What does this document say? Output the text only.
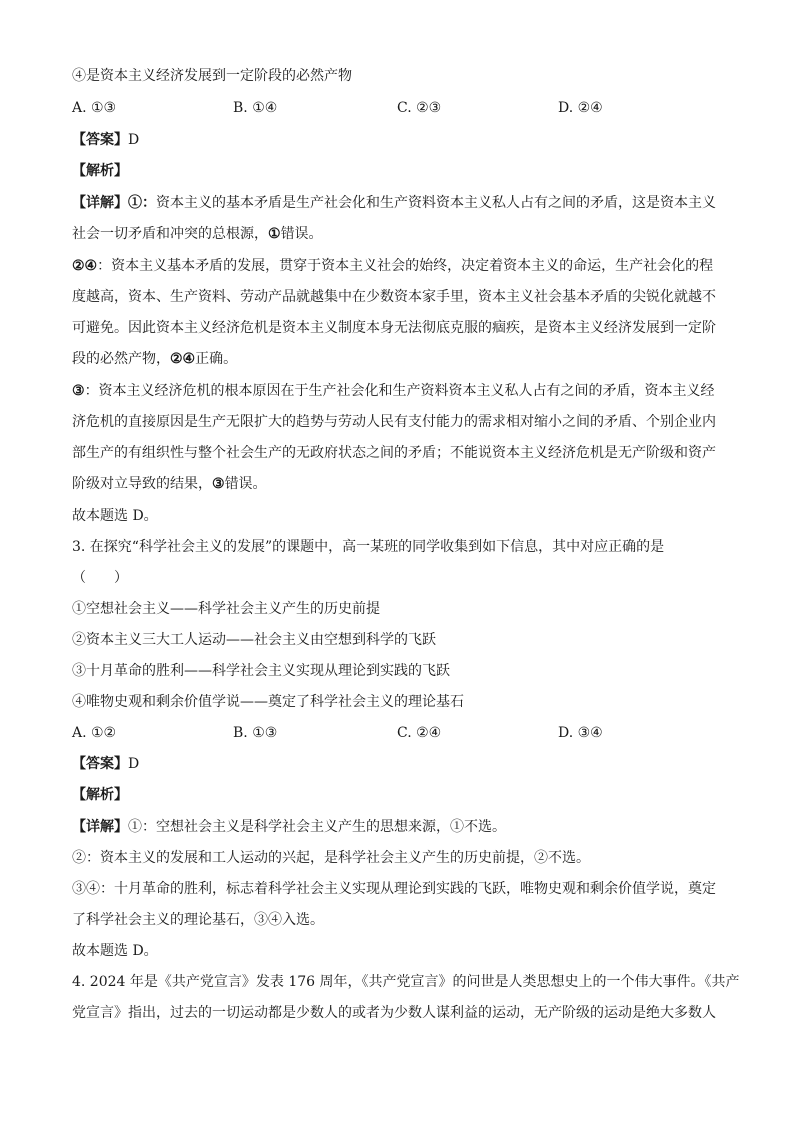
④是资本主义经济发展到一定阶段的必然产物
A. ①③	B. ①④	C. ②③	D. ②④
【答案】D
【解析】
【详解】①：资本主义的基本矛盾是生产社会化和生产资料资本主义私人占有之间的矛盾，这是资本主义
社会一切矛盾和冲突的总根源，①错误。
②④：资本主义基本矛盾的发展，贯穿于资本主义社会的始终，决定着资本主义的命运，生产社会化的程
度越高，资本、生产资料、劳动产品就越集中在少数资本家手里，资本主义社会基本矛盾的尖锐化就越不
可避免。因此资本主义经济危机是资本主义制度本身无法彻底克服的痼疾，是资本主义经济发展到一定阶
段的必然产物，②④正确。
③：资本主义经济危机的根本原因在于生产社会化和生产资料资本主义私人占有之间的矛盾，资本主义经
济危机的直接原因是生产无限扩大的趋势与劳动人民有支付能力的需求相对缩小之间的矛盾、个别企业内
部生产的有组织性与整个社会生产的无政府状态之间的矛盾；不能说资本主义经济危机是无产阶级和资产
阶级对立导致的结果，③错误。
故本题选 D。
3. 在探究“科学社会主义的发展”的课题中，高一某班的同学收集到如下信息，其中对应正确的是
（　　）
①空想社会主义——科学社会主义产生的历史前提
②资本主义三大工人运动——社会主义由空想到科学的飞跃
③十月革命的胜利——科学社会主义实现从理论到实践的飞跃
④唯物史观和剩余价值学说——奠定了科学社会主义的理论基石
A. ①②	B. ①③	C. ②④	D. ③④
【答案】D
【解析】
【详解】①：空想社会主义是科学社会主义产生的思想来源，①不选。
②：资本主义的发展和工人运动的兴起，是科学社会主义产生的历史前提，②不选。
③④：十月革命的胜利，标志着科学社会主义实现从理论到实践的飞跃，唯物史观和剩余价值学说，奠定
了科学社会主义的理论基石，③④入选。
故本题选 D。
4. 2024 年是《共产党宣言》发表 176 周年，《共产党宣言》的问世是人类思想史上的一个伟大事件。《共产
党宣言》指出，过去的一切运动都是少数人的或者为少数人谋利益的运动，无产阶级的运动是绝大多数人
